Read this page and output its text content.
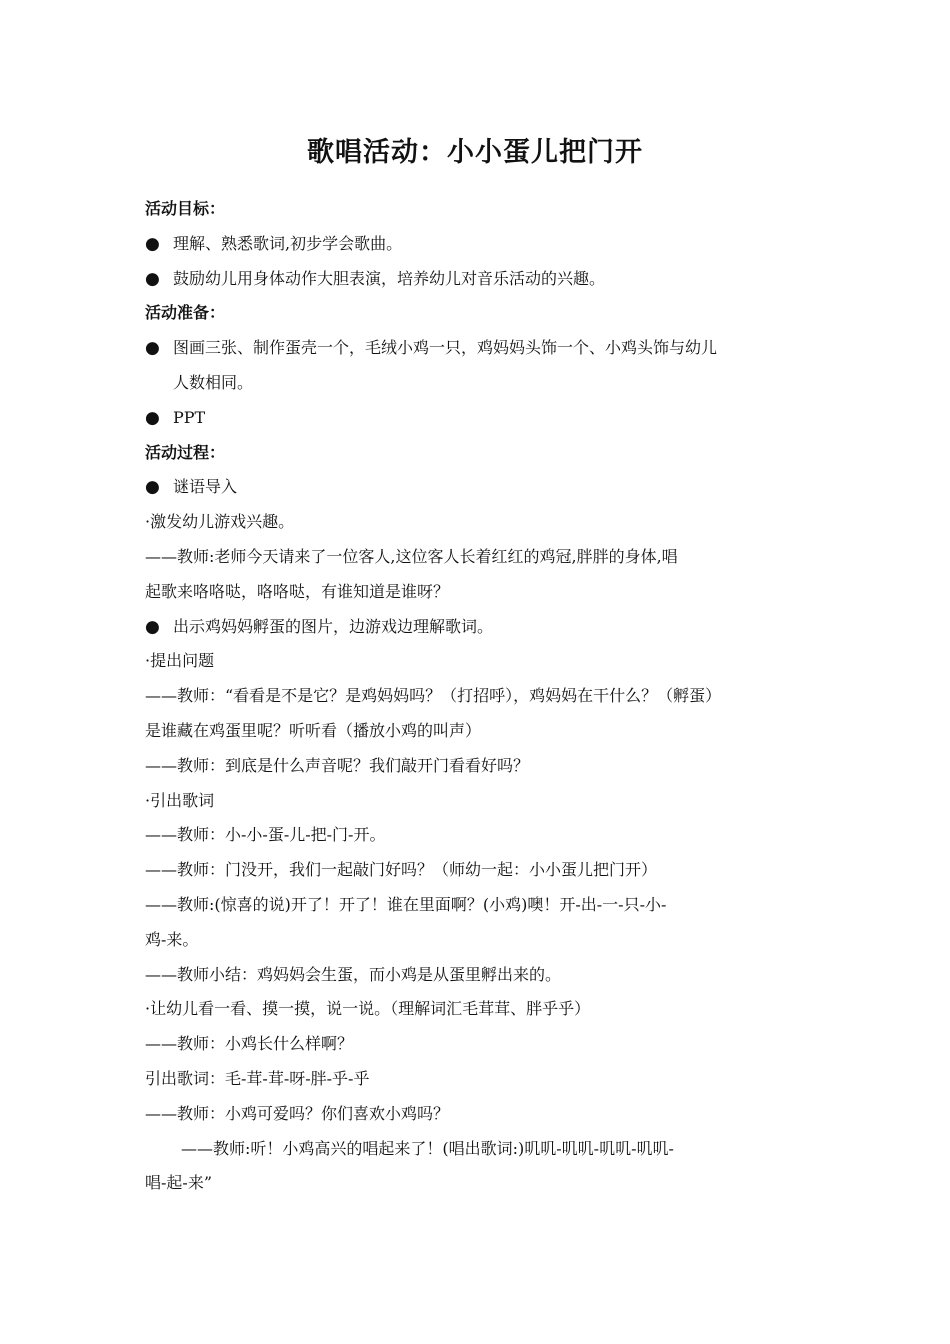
歌唱活动：小小蛋儿把门开
活动目标：
● 理解、熟悉歌词,初步学会歌曲。
● 鼓励幼儿用身体动作大胆表演，培养幼儿对音乐活动的兴趣。
活动准备：
● 图画三张、制作蛋壳一个，毛绒小鸡一只，鸡妈妈头饰一个、小鸡头饰与幼儿
人数相同。
● PPT
活动过程：
● 谜语导入
·激发幼儿游戏兴趣。
——教师:老师今天请来了一位客人,这位客人长着红红的鸡冠,胖胖的身体,唱
起歌来咯咯哒，咯咯哒，有谁知道是谁呀？
● 出示鸡妈妈孵蛋的图片，边游戏边理解歌词。
·提出问题
——教师：“看看是不是它？是鸡妈妈吗？（打招呼），鸡妈妈在干什么？（孵蛋）
是谁藏在鸡蛋里呢？听听看（播放小鸡的叫声）
——教师：到底是什么声音呢？我们敲开门看看好吗？
·引出歌词
——教师：小-小-蛋-儿-把-门-开。
——教师：门没开，我们一起敲门好吗？（师幼一起：小小蛋儿把门开）
——教师:(惊喜的说)开了！开了！谁在里面啊？(小鸡)噢！开-出-一-只-小-
鸡-来。
——教师小结：鸡妈妈会生蛋，而小鸡是从蛋里孵出来的。
·让幼儿看一看、摸一摸，说一说。（理解词汇毛茸茸、胖乎乎）
——教师：小鸡长什么样啊？
引出歌词：毛-茸-茸-呀-胖-乎-乎
——教师：小鸡可爱吗？你们喜欢小鸡吗？
——教师:听！小鸡高兴的唱起来了！(唱出歌词:)叽叽-叽叽-叽叽-叽叽-
唱-起-来”
